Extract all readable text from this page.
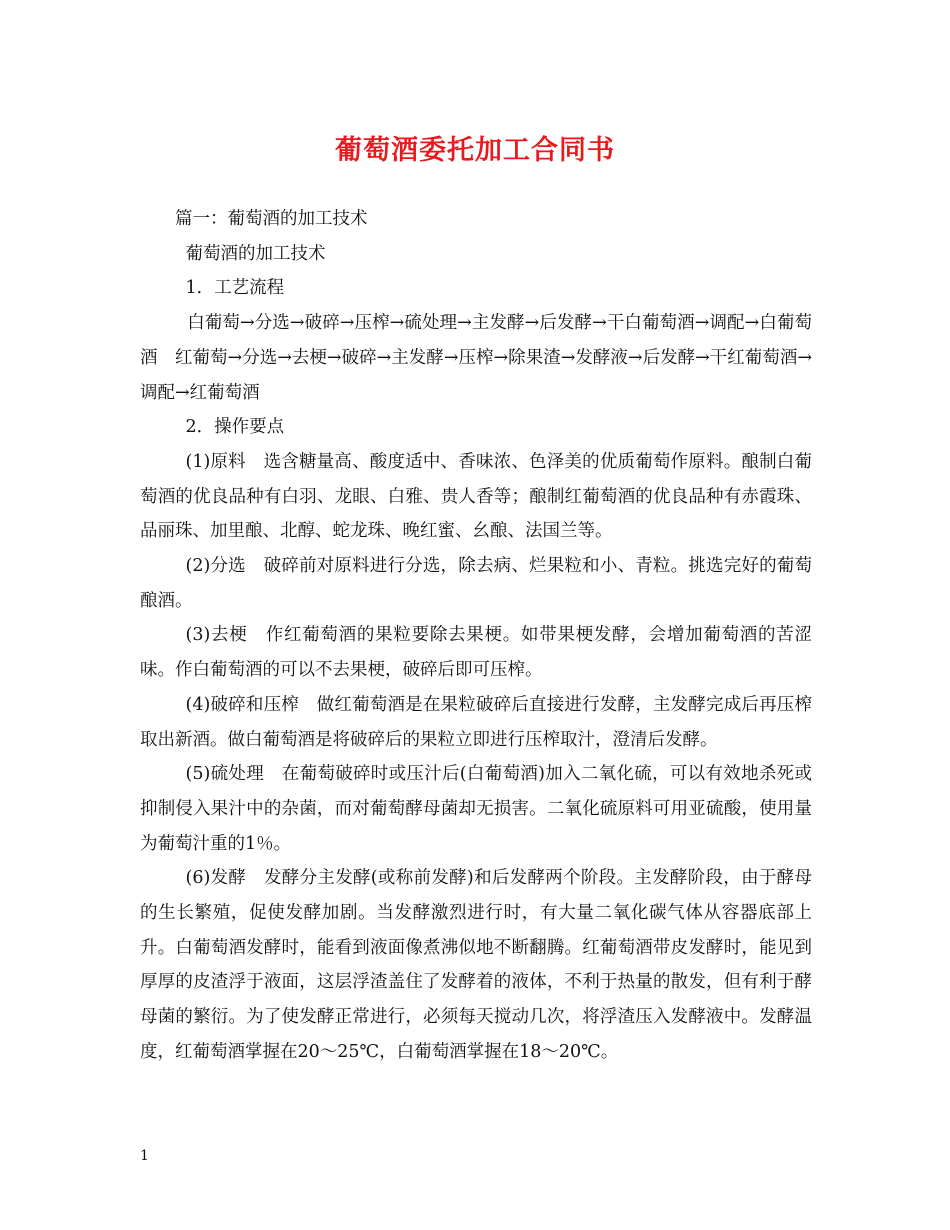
葡萄酒委托加工合同书

篇一：葡萄酒的加工技术

葡萄酒的加工技术

1．工艺流程

白葡萄→分选→破碎→压榨→硫处理→主发酵→后发酵→干白葡萄酒→调配→白葡萄酒　红葡萄→分选→去梗→破碎→主发酵→压榨→除果渣→发酵液→后发酵→干红葡萄酒→调配→红葡萄酒

2．操作要点

(1)原料　选含糖量高、酸度适中、香味浓、色泽美的优质葡萄作原料。酿制白葡萄酒的优良品种有白羽、龙眼、白雅、贵人香等；酿制红葡萄酒的优良品种有赤霞珠、品丽珠、加里酿、北醇、蛇龙珠、晚红蜜、幺酿、法国兰等。

(2)分选　破碎前对原料进行分选，除去病、烂果粒和小、青粒。挑选完好的葡萄酿酒。

(3)去梗　作红葡萄酒的果粒要除去果梗。如带果梗发酵，会增加葡萄酒的苦涩味。作白葡萄酒的可以不去果梗，破碎后即可压榨。

(4)破碎和压榨　做红葡萄酒是在果粒破碎后直接进行发酵，主发酵完成后再压榨取出新酒。做白葡萄酒是将破碎后的果粒立即进行压榨取汁，澄清后发酵。

(5)硫处理　在葡萄破碎时或压汁后(白葡萄酒)加入二氧化硫，可以有效地杀死或抑制侵入果汁中的杂菌，而对葡萄酵母菌却无损害。二氧化硫原料可用亚硫酸，使用量为葡萄汁重的1％。

(6)发酵　发酵分主发酵(或称前发酵)和后发酵两个阶段。主发酵阶段，由于酵母的生长繁殖，促使发酵加剧。当发酵激烈进行时，有大量二氧化碳气体从容器底部上升。白葡萄酒发酵时，能看到液面像煮沸似地不断翻腾。红葡萄酒带皮发酵时，能见到厚厚的皮渣浮于液面，这层浮渣盖住了发酵着的液体，不利于热量的散发，但有利于酵母菌的繁衍。为了使发酵正常进行，必须每天搅动几次，将浮渣压入发酵液中。发酵温度，红葡萄酒掌握在20～25℃，白葡萄酒掌握在18～20℃。

1
